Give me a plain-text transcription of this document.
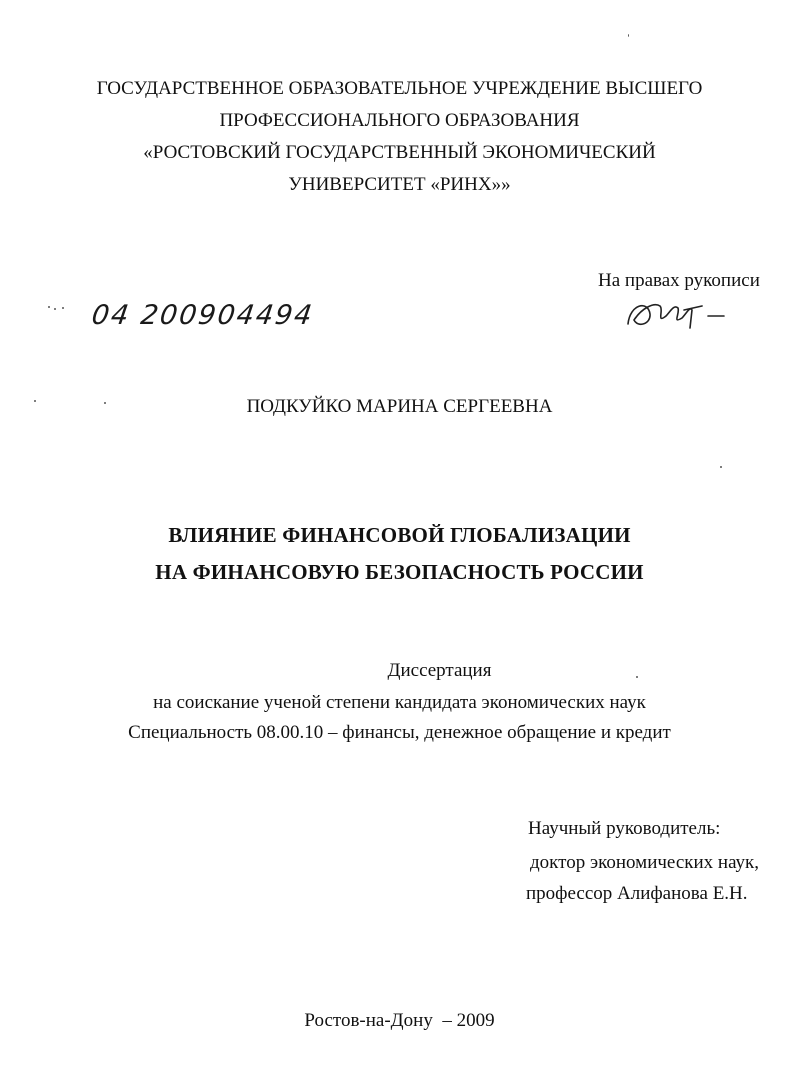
ГОСУДАРСТВЕННОЕ ОБРАЗОВАТЕЛЬНОЕ УЧРЕЖДЕНИЕ ВЫСШЕГО
ПРОФЕССИОНАЛЬНОГО ОБРАЗОВАНИЯ
«РОСТОВСКИЙ ГОСУДАРСТВЕННЫЙ ЭКОНОМИЧЕСКИЙ
УНИВЕРСИТЕТ «РИНХ»»
На правах рукописи
04 200904494
ПОДКУЙКО МАРИНА СЕРГЕЕВНА
ВЛИЯНИЕ ФИНАНСОВОЙ ГЛОБАЛИЗАЦИИ
НА ФИНАНСОВУЮ БЕЗОПАСНОСТЬ РОССИИ
Диссертация
на соискание ученой степени кандидата экономических наук
Специальность 08.00.10 – финансы, денежное обращение и кредит
Научный руководитель:
доктор экономических наук,
профессор Алифанова Е.Н.
Ростов-на-Дону  – 2009
